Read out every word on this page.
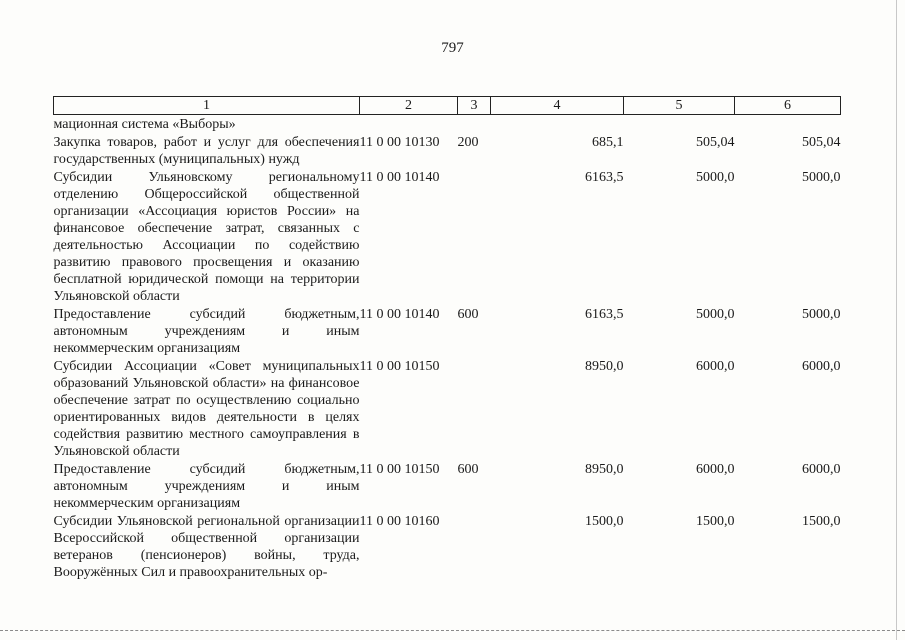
797
1	2	3	4	5	6
мационная система «Выборы»					
Закупка товаров, работ и услуг для обеспечения государственных (муниципальных) нужд	11 0 00 10130	200	685,1	505,04	505,04
Субсидии Ульяновскому региональному отделению Общероссийской общественной организации «Ассоциация юристов России» на финансовое обеспечение затрат, связанных с деятельностью Ассоциации по содействию развитию правового просвещения и оказанию бесплатной юридической помощи на территории Ульяновской области	11 0 00 10140		6163,5	5000,0	5000,0
Предоставление субсидий бюджетным, автономным учреждениям и иным некоммерческим организациям	11 0 00 10140	600	6163,5	5000,0	5000,0
Субсидии Ассоциации «Совет муниципальных образований Ульяновской области» на финансовое обеспечение затрат по осуществлению социально ориентированных видов деятельности в целях содействия развитию местного самоуправления в Ульяновской области	11 0 00 10150		8950,0	6000,0	6000,0
Предоставление субсидий бюджетным, автономным учреждениям и иным некоммерческим организациям	11 0 00 10150	600	8950,0	6000,0	6000,0
Субсидии Ульяновской региональной организации Всероссийской общественной организации ветеранов (пенсионеров) войны, труда, Вооружённых Сил и правоохранительных ор-	11 0 00 10160		1500,0	1500,0	1500,0
